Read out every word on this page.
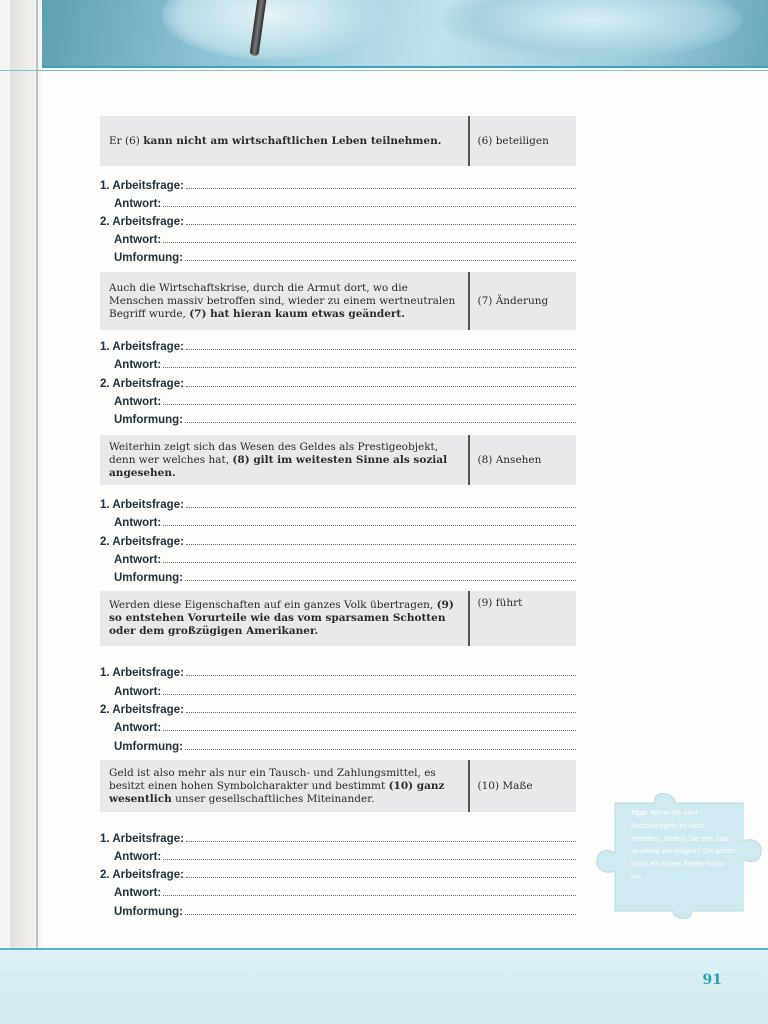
Er (6) kann nicht am wirtschaftlichen Leben teilnehmen.	(6) beteiligen
1. Arbeitsfrage:
Antwort:
2. Arbeitsfrage:
Antwort:
Umformung:
Auch die Wirtschaftskrise, durch die Armut dort, wo die Menschen massiv betroffen sind, wieder zu einem wertneutralen Begriff wurde, (7) hat hieran kaum etwas geändert.
(7) Änderung
1. Arbeitsfrage:
Antwort:
2. Arbeitsfrage:
Antwort:
Umformung:
Weiterhin zeigt sich das Wesen des Geldes als Prestigeobjekt, denn wer welches hat, (8) gilt im weitesten Sinne als sozial angesehen.
(8) Ansehen
1. Arbeitsfrage:
Antwort:
2. Arbeitsfrage:
Antwort:
Umformung:
Werden diese Eigenschaften auf ein ganzes Volk übertragen, (9) so entstehen Vorurteile wie das vom sparsamen Schotten oder dem großzügigen Amerikaner.
(9) führt
1. Arbeitsfrage:
Antwort:
2. Arbeitsfrage:
Antwort:
Umformung:
Geld ist also mehr als nur ein Tausch- und Zahlungsmittel, es besitzt einen hohen Symbolcharakter und bestimmt (10) ganz wesentlich unser gesellschaftliches Miteinander.
(10) Maße
1. Arbeitsfrage:
Antwort:
2. Arbeitsfrage:
Antwort:
Umformung:
Tipp: Wenn Sie oder Satzbauregeln es nicht erfordern, ändern Sie den Satz so wenig wie möglich. Sie gehen sonst ein hohes Fehler-Risiko ein.
91
